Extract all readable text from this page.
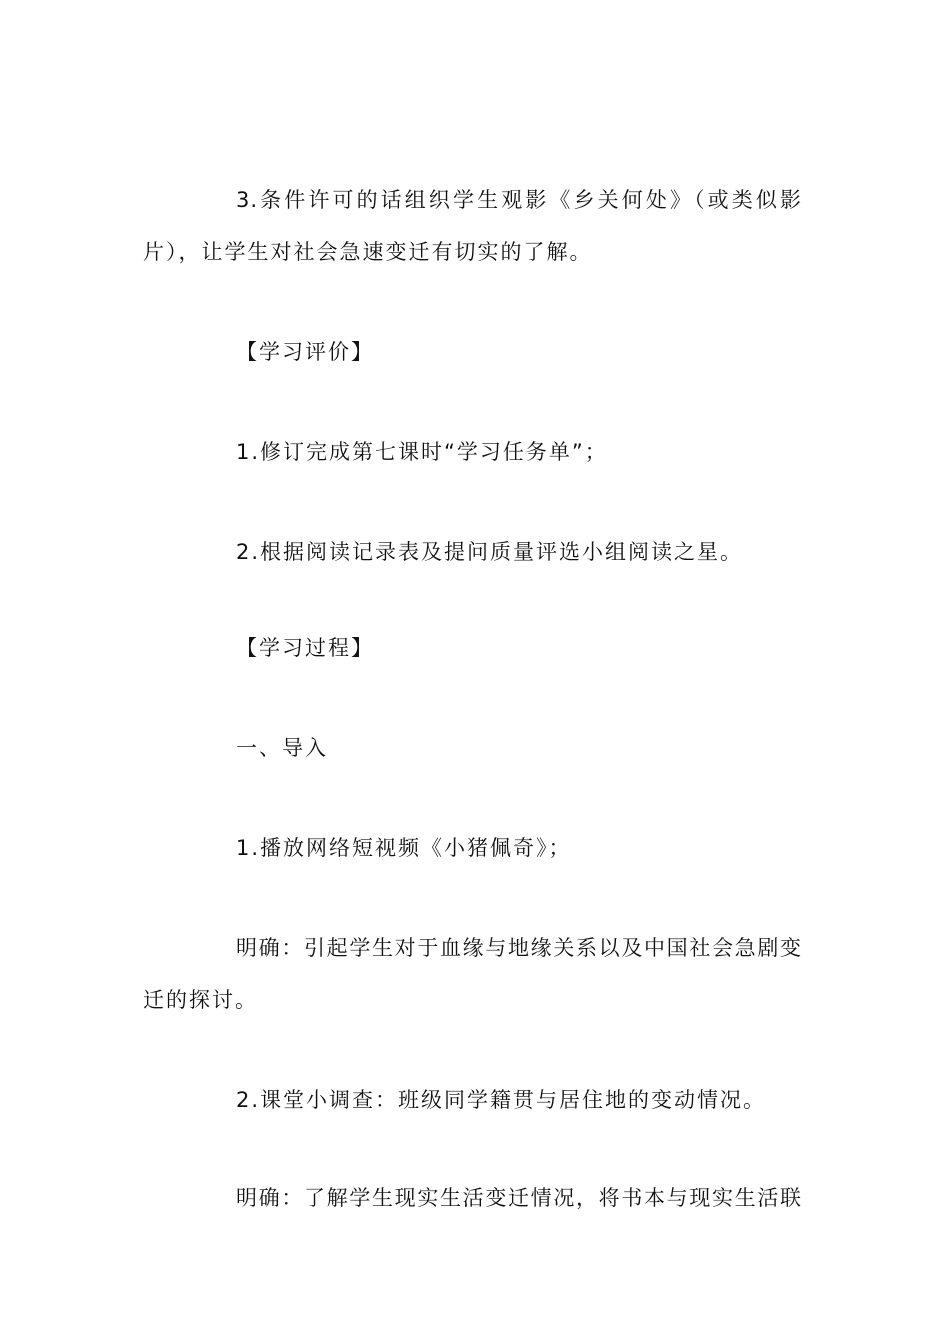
3.条件许可的话组织学生观影《乡关何处》（或类似影
片），让学生对社会急速变迁有切实的了解。
【学习评价】
1.修订完成第七课时“学习任务单”；
2.根据阅读记录表及提问质量评选小组阅读之星。
【学习过程】
一、导入
1.播放网络短视频《小猪佩奇》；
明确：引起学生对于血缘与地缘关系以及中国社会急剧变
迁的探讨。
2.课堂小调查：班级同学籍贯与居住地的变动情况。
明确：了解学生现实生活变迁情况，将书本与现实生活联
